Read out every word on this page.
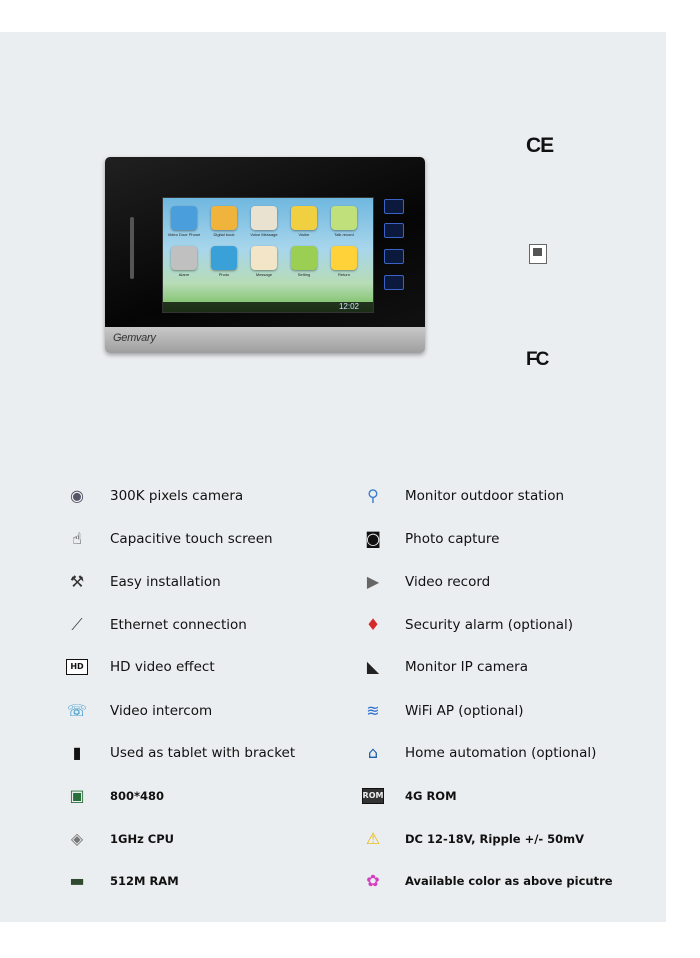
12:02
Video Door Phone	Digital book	Voice Message	Visitor	Talk record
Alarm	Photo	Message	Setting	Return
Gemvary
CE
FC
◉ 300K pixels camera
☝	Capacitive touch screen
⚒ Easy installation
⟋	Ethernet connection
HD	HD video effect
☏ Video intercom
▮	Used as tablet with bracket
▣ 800*480
◈	1GHz CPU
▬ 512M RAM
⚲	Monitor outdoor station
◙ Photo capture
▶	Video record
♦ Security alarm (optional)
◣	Monitor IP camera
≋	WiFi AP (optional)
⌂	Home automation (optional)
ROM 4G ROM
⚠	DC 12-18V, Ripple +/- 50mV
✿	Available color as above picutre
